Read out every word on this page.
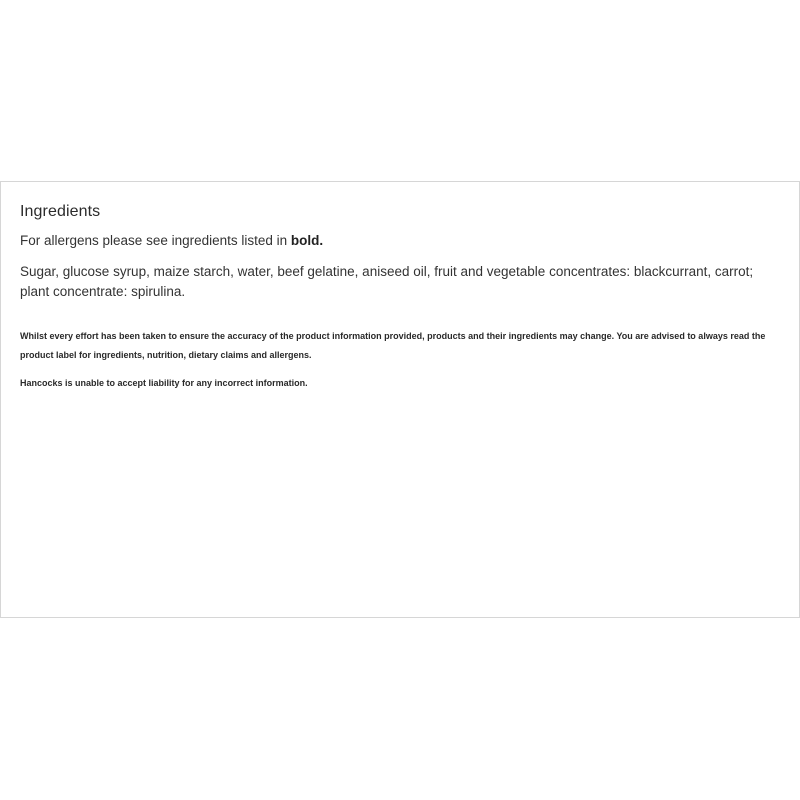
Ingredients

For allergens please see ingredients listed in bold.

Sugar, glucose syrup, maize starch, water, beef gelatine, aniseed oil, fruit and vegetable concentrates: blackcurrant, carrot; plant concentrate: spirulina.

Whilst every effort has been taken to ensure the accuracy of the product information provided, products and their ingredients may change. You are advised to always read the product label for ingredients, nutrition, dietary claims and allergens.

Hancocks is unable to accept liability for any incorrect information.
